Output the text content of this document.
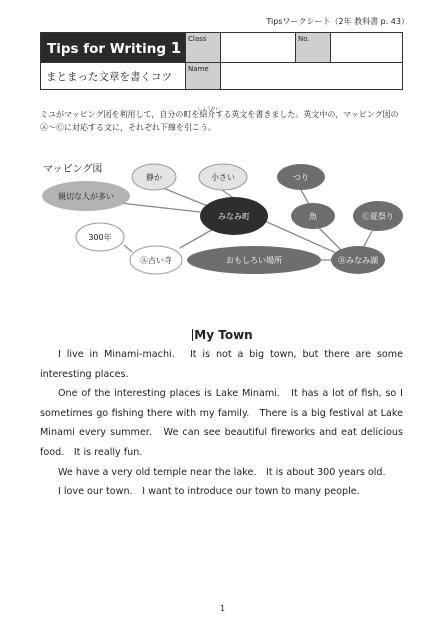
Tipsワークシート（2年 教科書 p. 43）
Tips for Writing 1	Class		No.	
まとまった文章を書くコツ	Name			
ミユがマッピング図を利用して，自分の町を
しょうかい
紹介する英文を書きました。英文中の，マッピング図のⒶ〜Ⓒに対応する文に，それぞれ下線を引こう。
マッピング図
静か	小さい	つり
親切な人が多い
みなみ町	魚	Ⓒ夏祭り
300年
Ⓐ古い寺	おもしろい場所	Ⓑみなみ湖
My Town

I live in Minami-machi.　It is not a big town, but there are some interesting places.

One of the interesting places is Lake Minami.　It has a lot of fish, so I sometimes go fishing there with my family.　There is a big festival at Lake Minami every summer.　We can see beautiful fireworks and eat delicious food.　It is really fun.

We have a very old temple near the lake.　It is about 300 years old.

I love our town.　I want to introduce our town to many people.

1
